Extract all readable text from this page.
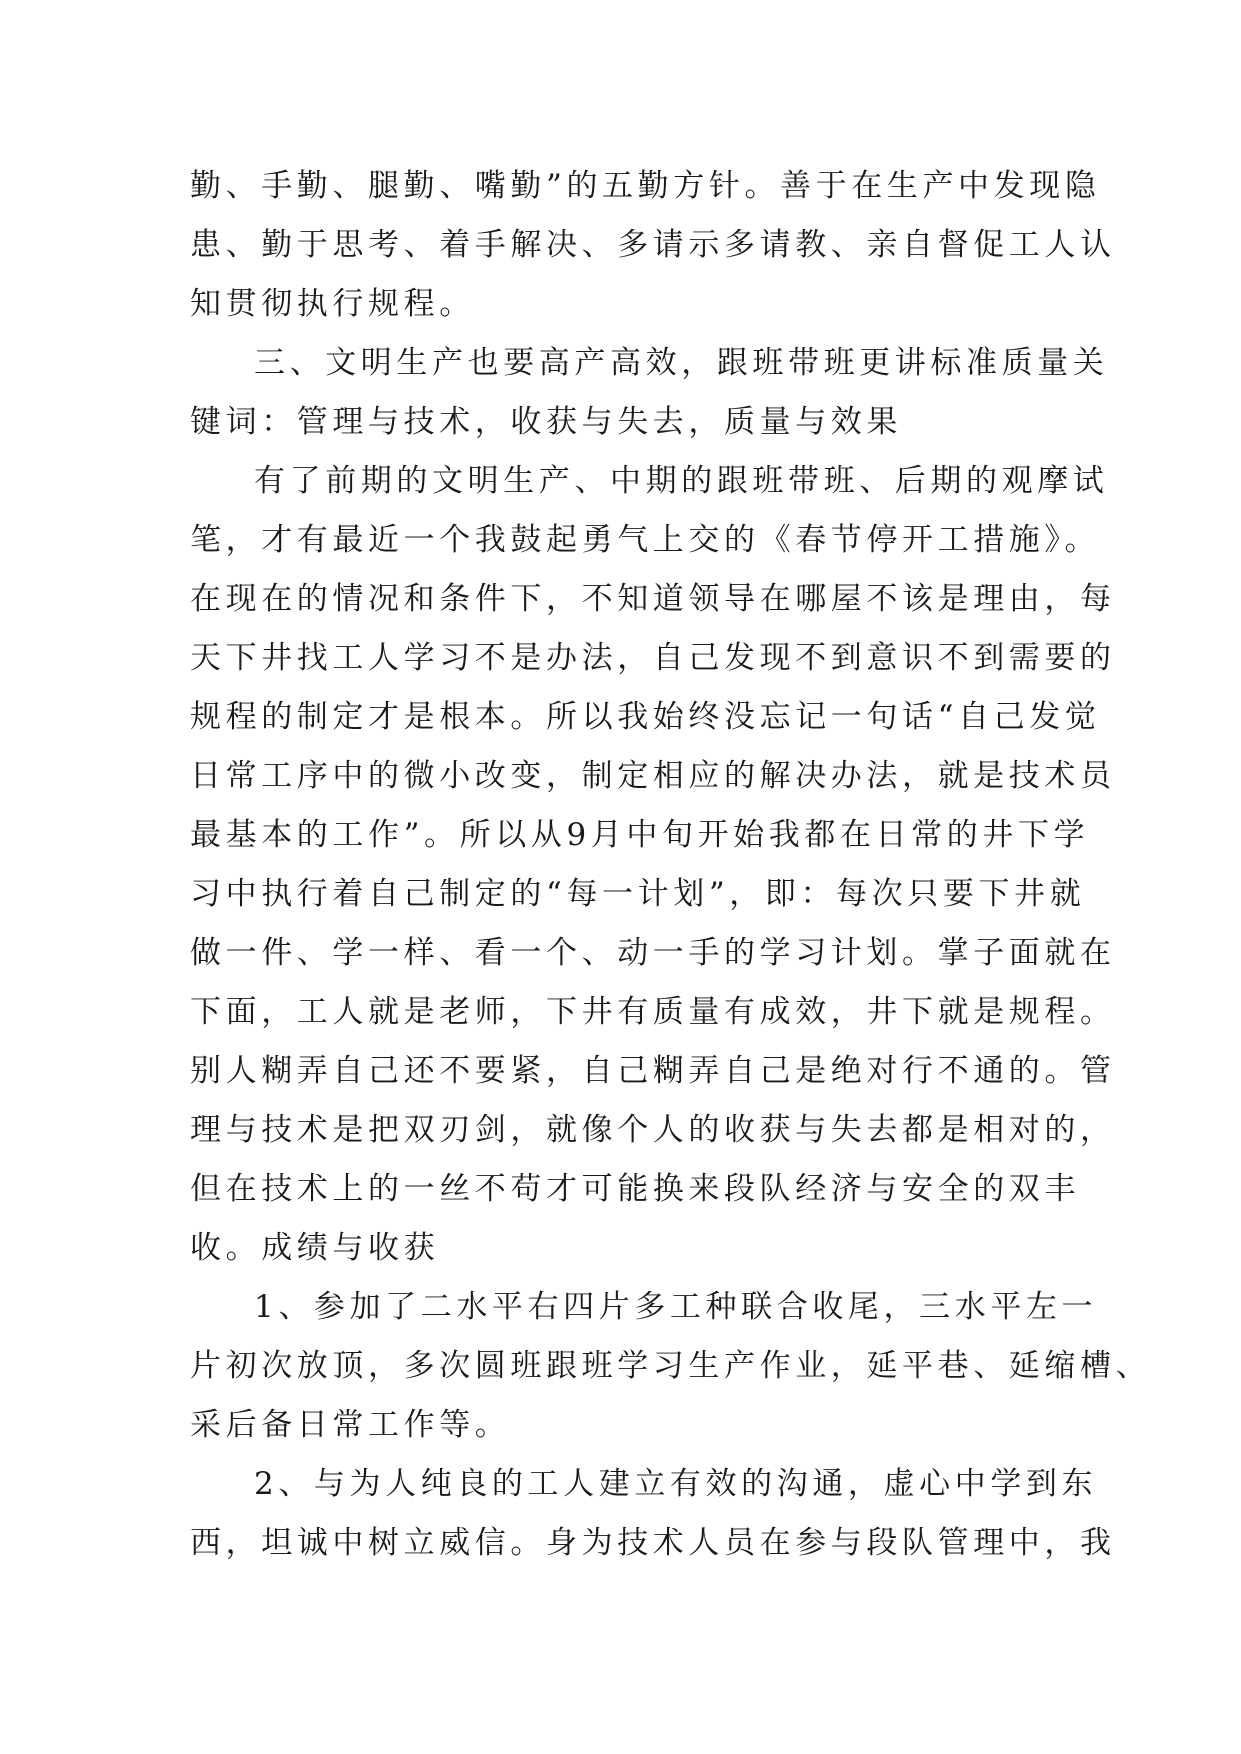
勤、手勤、腿勤、嘴勤”的五勤方针。善于在生产中发现隐
患、勤于思考、着手解决、多请示多请教、亲自督促工人认
知贯彻执行规程。
三、文明生产也要高产高效，跟班带班更讲标准质量关
键词：管理与技术，收获与失去，质量与效果
有了前期的文明生产、中期的跟班带班、后期的观摩试
笔，才有最近一个我鼓起勇气上交的《春节停开工措施》。
在现在的情况和条件下，不知道领导在哪屋不该是理由，每
天下井找工人学习不是办法，自己发现不到意识不到需要的
规程的制定才是根本。所以我始终没忘记一句话“自己发觉
日常工序中的微小改变，制定相应的解决办法，就是技术员
最基本的工作”。所以从9月中旬开始我都在日常的井下学
习中执行着自己制定的“每一计划”，即：每次只要下井就
做一件、学一样、看一个、动一手的学习计划。掌子面就在
下面，工人就是老师，下井有质量有成效，井下就是规程。
别人糊弄自己还不要紧，自己糊弄自己是绝对行不通的。管
理与技术是把双刃剑，就像个人的收获与失去都是相对的，
但在技术上的一丝不苟才可能换来段队经济与安全的双丰
收。成绩与收获
1、参加了二水平右四片多工种联合收尾，三水平左一
片初次放顶，多次圆班跟班学习生产作业，延平巷、延缩槽、
采后备日常工作等。
2、与为人纯良的工人建立有效的沟通，虚心中学到东
西，坦诚中树立威信。身为技术人员在参与段队管理中，我
